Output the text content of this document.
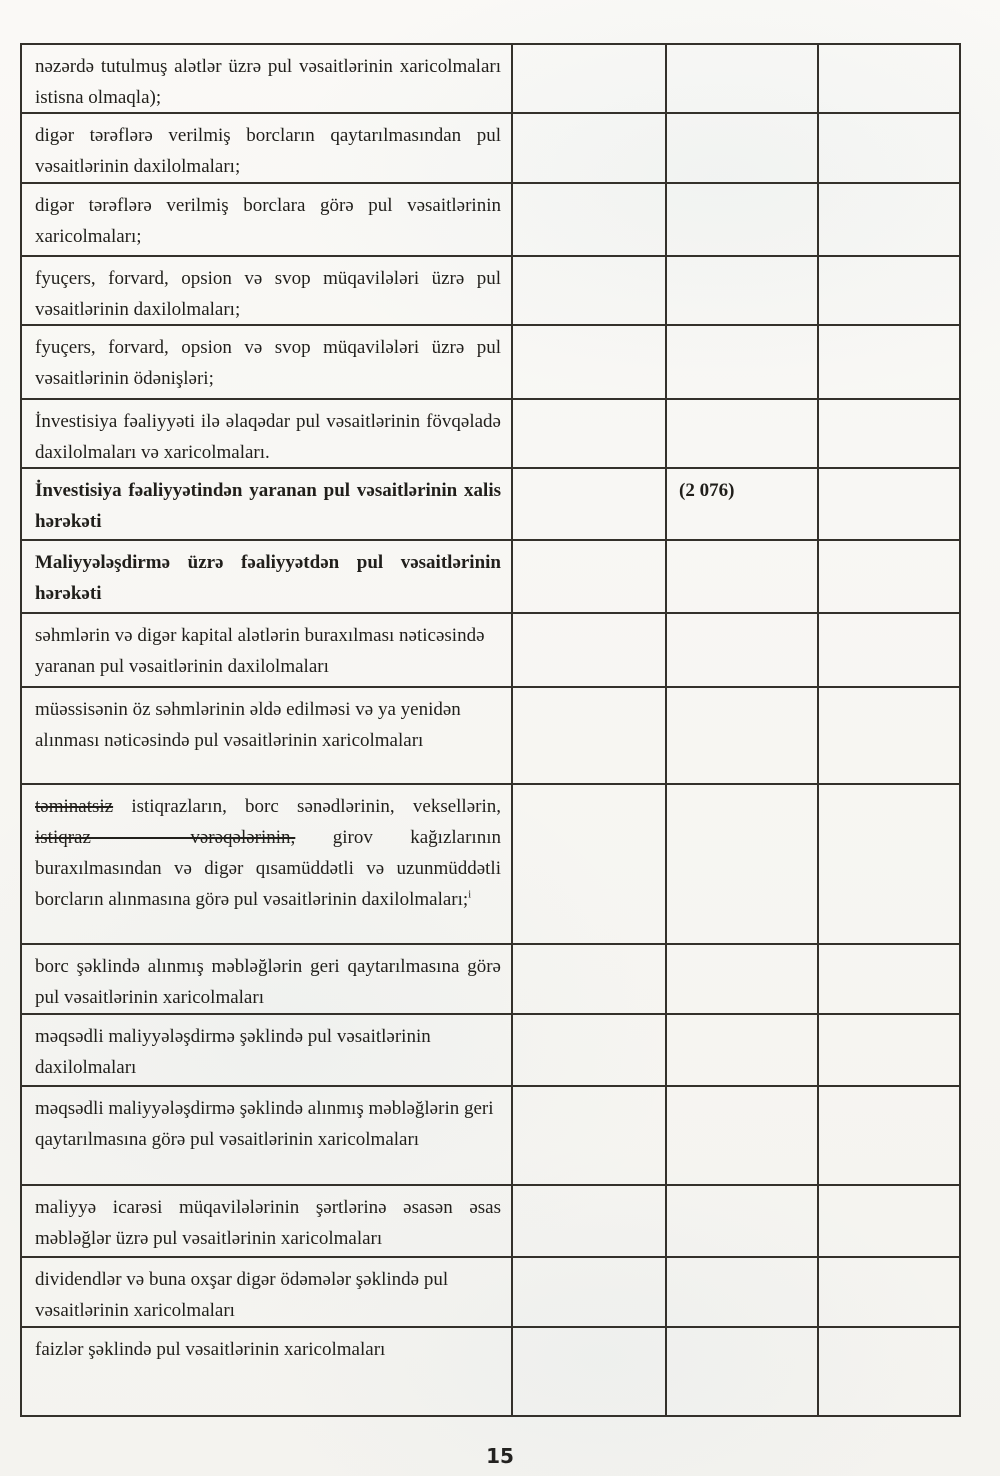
nəzərdə tutulmuş alətlər üzrə pul vəsaitlərinin xaricolmaları istisna olmaqla);
digər tərəflərə verilmiş borcların qaytarılmasından pul vəsaitlərinin daxilolmaları;
digər tərəflərə verilmiş borclara görə pul vəsaitlərinin xaricolmaları;
fyuçers, forvard, opsion və svop müqavilələri üzrə pul vəsaitlərinin daxilolmaları;
fyuçers, forvard, opsion və svop müqavilələri üzrə pul vəsaitlərinin ödənişləri;
İnvestisiya fəaliyyəti ilə əlaqədar pul vəsaitlərinin fövqəladə daxilolmaları və xaricolmaları.
İnvestisiya fəaliyyətindən yaranan pul vəsaitlərinin xalis hərəkəti
(2 076)
Maliyyələşdirmə üzrə fəaliyyətdən pul vəsaitlərinin hərəkəti
səhmlərin və digər kapital alətlərin buraxılması nəticəsində yaranan pul vəsaitlərinin daxilolmaları
müəssisənin öz səhmlərinin əldə edilməsi və ya yenidən alınması nəticəsində pul vəsaitlərinin xaricolmaları
təminatsiz istiqrazların, borc sənədlərinin, veksellərin, istiqraz vərəqələrinin, girov kağızlarının buraxılmasından və digər qısamüddətli və uzunmüddətli borcların alınmasına görə pul vəsaitlərinin daxilolmaları;$^i$
borc şəklində alınmış məbləğlərin geri qaytarılmasına görə pul vəsaitlərinin xaricolmaları
məqsədli maliyyələşdirmə şəklində pul vəsaitlərinin daxilolmaları
məqsədli maliyyələşdirmə şəklində alınmış məbləğlərin geri qaytarılmasına görə pul vəsaitlərinin xaricolmaları
maliyyə icarəsi müqavilələrinin şərtlərinə əsasən əsas məbləğlər üzrə pul vəsaitlərinin xaricolmaları
dividendlər və buna oxşar digər ödəmələr şəklində pul vəsaitlərinin xaricolmaları
faizlər şəklində pul vəsaitlərinin xaricolmaları
15
